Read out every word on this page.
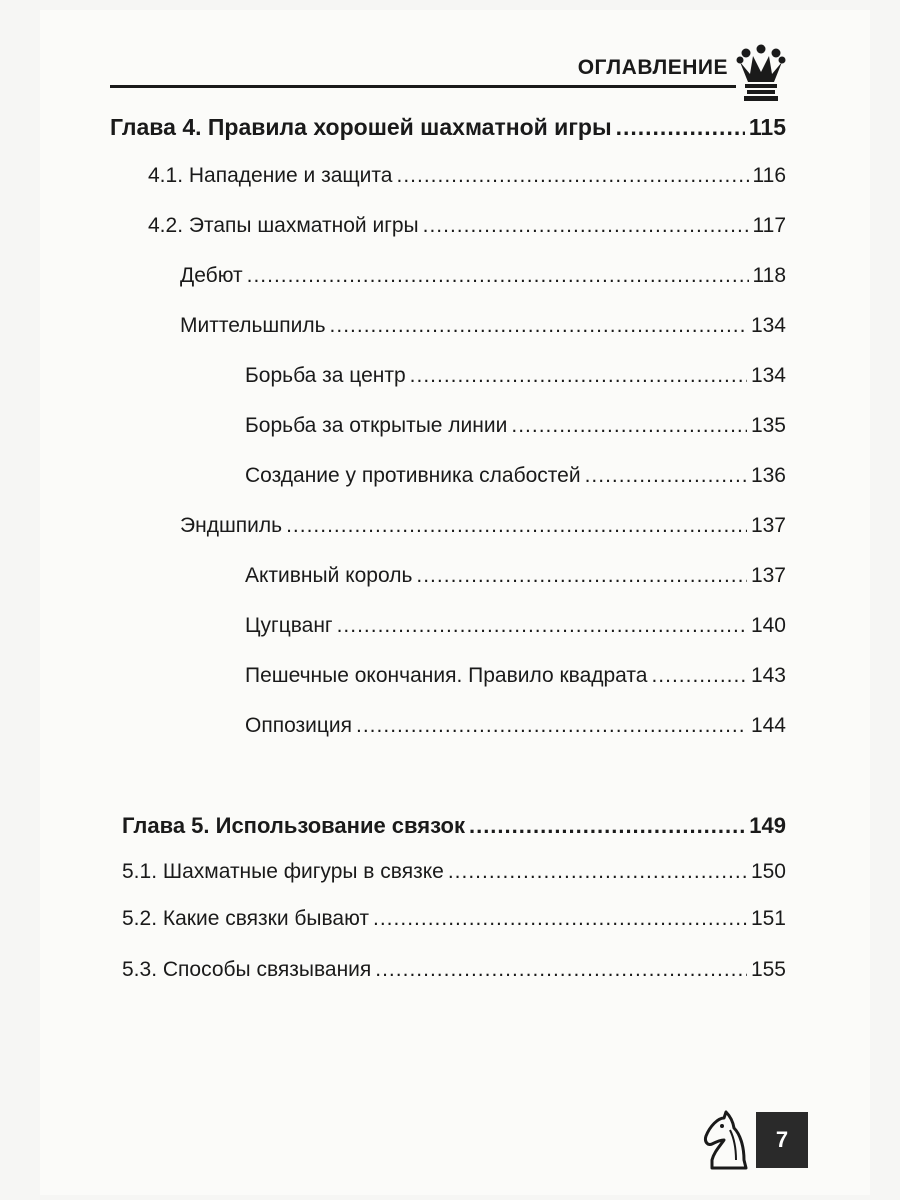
ОГЛАВЛЕНИЕ
Глава 4. Правила хорошей шахматной игры .....	115
4.1. Нападение и защита .....	116
4.2. Этапы шахматной игры .....	117
Дебют .....	118
Миттельшпиль .....	134
Борьба за центр .....	134
Борьба за открытые линии .....	135
Создание у противника слабостей .....	136
Эндшпиль .....	137
Активный король .....	137
Цугцванг .....	140
Пешечные окончания. Правило квадрата .....	143
Оппозиция .....	144
Глава 5. Использование связок .....	149
5.1. Шахматные фигуры в связке .....	150
5.2. Какие связки бывают .....	151
5.3. Способы связывания .....	155
7
